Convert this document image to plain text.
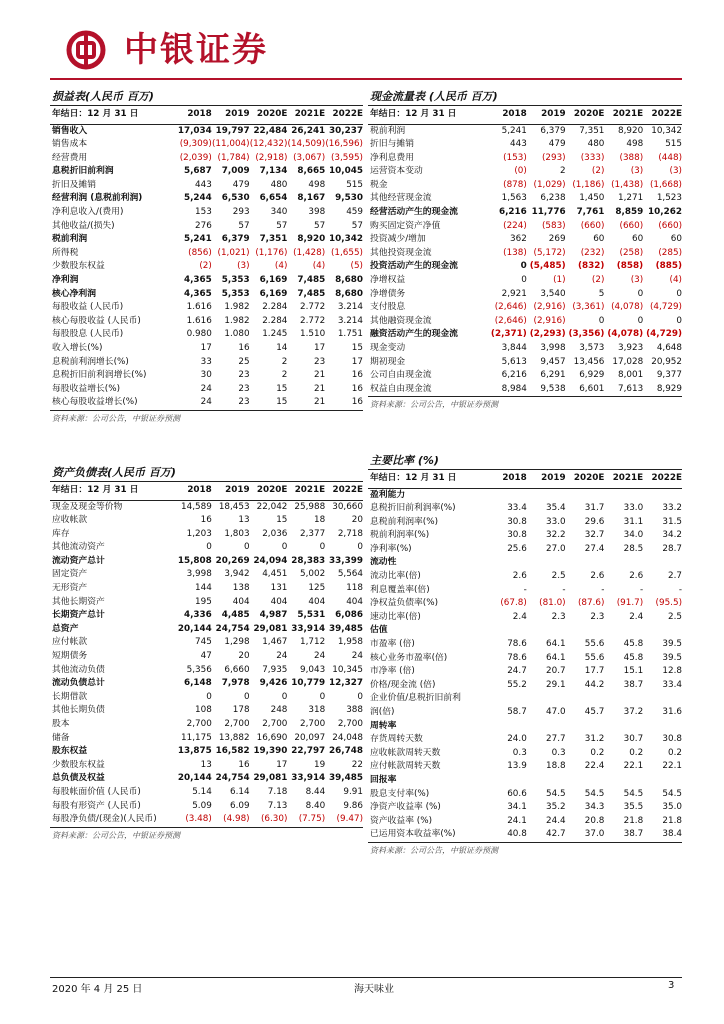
中银证券
损益表(人民币 百万)
年结日：12 月 31 日	2018	2019	2020E	2021E	2022E
销售收入	17,034	19,797	22,484	26,241	30,237
销售成本	(9,309)	(11,004)	(12,432)	(14,509)	(16,596)
经营费用	(2,039)	(1,784)	(2,918)	(3,067)	(3,595)
息税折旧前利润	5,687	7,009	7,134	8,665	10,045
折旧及摊销	443	479	480	498	515
经营利润 (息税前利润)	5,244	6,530	6,654	8,167	9,530
净利息收入/(费用)	153	293	340	398	459
其他收益/(损失)	276	57	57	57	57
税前利润	5,241	6,379	7,351	8,920	10,342
所得税	(856)	(1,021)	(1,176)	(1,428)	(1,655)
少数股东权益	(2)	(3)	(4)	(4)	(5)
净利润	4,365	5,353	6,169	7,485	8,680
核心净利润	4,365	5,353	6,169	7,485	8,680
每股收益 (人民币)	1.616	1.982	2.284	2.772	3.214
核心每股收益 (人民币)	1.616	1.982	2.284	2.772	3.214
每股股息 (人民币)	0.980	1.080	1.245	1.510	1.751
收入增长(%)	17	16	14	17	15
息税前利润增长(%)	33	25	2	23	17
息税折旧前利润增长(%)	30	23	2	21	16
每股收益增长(%)	24	23	15	21	16
核心每股收益增长(%)	24	23	15	21	16
资料来源：公司公告，中银证券预测
资产负债表(人民币 百万)
年结日：12 月 31 日	2018	2019	2020E	2021E	2022E
现金及现金等价物	14,589	18,453	22,042	25,988	30,660
应收帐款	16	13	15	18	20
库存	1,203	1,803	2,036	2,377	2,718
其他流动资产	0	0	0	0	0
流动资产总计	15,808	20,269	24,094	28,383	33,399
固定资产	3,998	3,942	4,451	5,002	5,564
无形资产	144	138	131	125	118
其他长期资产	195	404	404	404	404
长期资产总计	4,336	4,485	4,987	5,531	6,086
总资产	20,144	24,754	29,081	33,914	39,485
应付帐款	745	1,298	1,467	1,712	1,958
短期债务	47	20	24	24	24
其他流动负债	5,356	6,660	7,935	9,043	10,345
流动负债总计	6,148	7,978	9,426	10,779	12,327
长期借款	0	0	0	0	0
其他长期负债	108	178	248	318	388
股本	2,700	2,700	2,700	2,700	2,700
储备	11,175	13,882	16,690	20,097	24,048
股东权益	13,875	16,582	19,390	22,797	26,748
少数股东权益	13	16	17	19	22
总负债及权益	20,144	24,754	29,081	33,914	39,485
每股帐面价值 (人民币)	5.14	6.14	7.18	8.44	9.91
每股有形资产 (人民币)	5.09	6.09	7.13	8.40	9.86
每股净负债/(现金)(人民币)	(3.48)	(4.98)	(6.30)	(7.75)	(9.47)
资料来源：公司公告，中银证券预测
现金流量表 (人民币 百万)
年结日：12 月 31 日	2018	2019	2020E	2021E	2022E
税前利润	5,241	6,379	7,351	8,920	10,342
折旧与摊销	443	479	480	498	515
净利息费用	(153)	(293)	(333)	(388)	(448)
运营资本变动	(0)	2	(2)	(3)	(3)
税金	(878)	(1,029)	(1,186)	(1,438)	(1,668)
其他经营现金流	1,563	6,238	1,450	1,271	1,523
经营活动产生的现金流	6,216	11,776	7,761	8,859	10,262
购买固定资产净值	(224)	(583)	(660)	(660)	(660)
投资减少/增加	362	269	60	60	60
其他投资现金流	(138)	(5,172)	(232)	(258)	(285)
投资活动产生的现金流	0	(5,485)	(832)	(858)	(885)
净增权益	0	(1)	(2)	(3)	(4)
净增债务	2,921	3,540	5	0	0
支付股息	(2,646)	(2,916)	(3,361)	(4,078)	(4,729)
其他融资现金流	(2,646)	(2,916)	0	0	0
融资活动产生的现金流	(2,371)	(2,293)	(3,356)	(4,078)	(4,729)
现金变动	3,844	3,998	3,573	3,923	4,648
期初现金	5,613	9,457	13,456	17,028	20,952
公司自由现金流	6,216	6,291	6,929	8,001	9,377
权益自由现金流	8,984	9,538	6,601	7,613	8,929
资料来源：公司公告，中银证券预测
主要比率 (%)
年结日：12 月 31 日	2018	2019	2020E	2021E	2022E
盈利能力					
息税折旧前利润率(%)	33.4	35.4	31.7	33.0	33.2
息税前利润率(%)	30.8	33.0	29.6	31.1	31.5
税前利润率(%)	30.8	32.2	32.7	34.0	34.2
净利率(%)	25.6	27.0	27.4	28.5	28.7
流动性					
流动比率(倍)	2.6	2.5	2.6	2.6	2.7
利息覆盖率(倍)	-	-	-	-	-
净权益负债率(%)	(67.8)	(81.0)	(87.6)	(91.7)	(95.5)
速动比率(倍)	2.4	2.3	2.3	2.4	2.5
估值					
市盈率 (倍)	78.6	64.1	55.6	45.8	39.5
核心业务市盈率(倍)	78.6	64.1	55.6	45.8	39.5
市净率 (倍)	24.7	20.7	17.7	15.1	12.8
价格/现金流 (倍)	55.2	29.1	44.2	38.7	33.4
企业价值/息税折旧前利					
润(倍)	58.7	47.0	45.7	37.2	31.6
周转率					
存货周转天数	24.0	27.7	31.2	30.7	30.8
应收帐款周转天数	0.3	0.3	0.2	0.2	0.2
应付帐款周转天数	13.9	18.8	22.4	22.1	22.1
回报率					
股息支付率(%)	60.6	54.5	54.5	54.5	54.5
净资产收益率 (%)	34.1	35.2	34.3	35.5	35.0
资产收益率 (%)	24.1	24.4	20.8	21.8	21.8
已运用资本收益率(%)	40.8	42.7	37.0	38.7	38.4
资料来源：公司公告，中银证券预测
2020 年 4 月 25 日	海天味业	3
